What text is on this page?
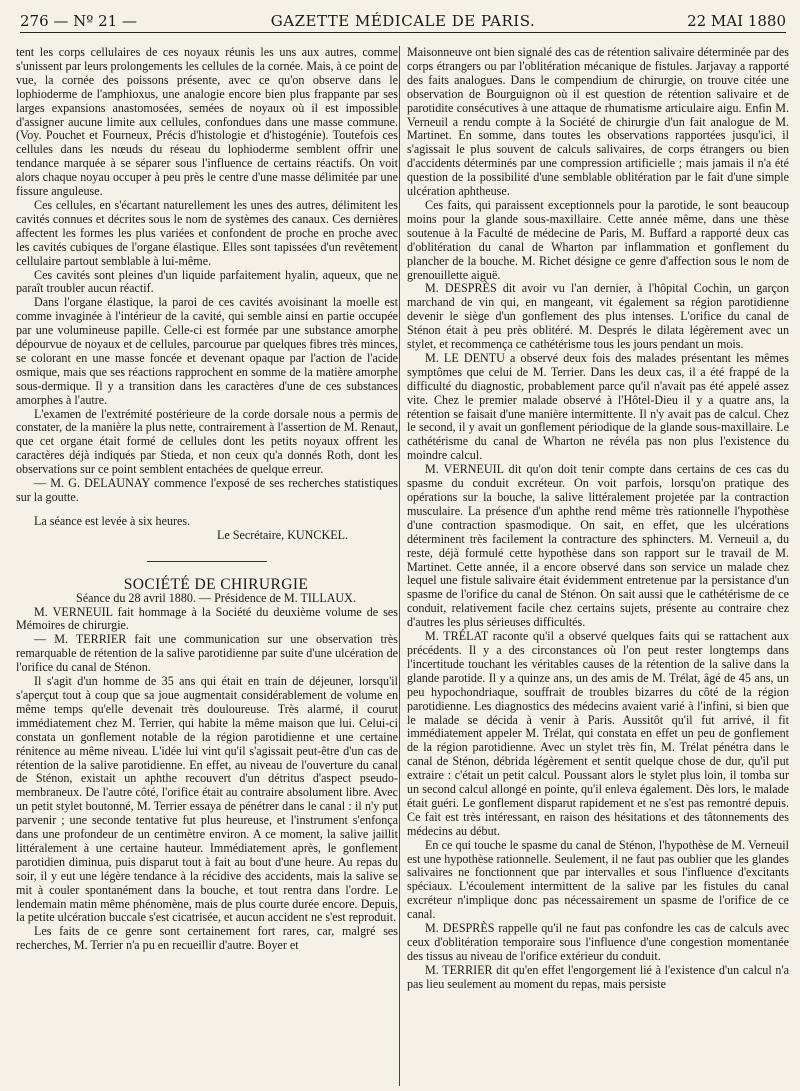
276 — Nº 21 —	GAZETTE MÉDICALE DE PARIS.	22 MAI 1880

tent les corps cellulaires de ces noyaux réunis les uns aux autres, comme s'unissent par leurs prolongements les cellules de la cornée. Mais, à ce point de vue, la cornée des poissons présente, avec ce qu'on observe dans le lophioderme de l'amphioxus, une analogie encore bien plus frappante par ses larges expansions anastomosées, semées de noyaux où il est impossible d'assigner aucune limite aux cellules, confondues dans une masse commune. (Voy. Pouchet et Fourneux, Précis d'histologie et d'histogénie). Toutefois ces cellules dans les nœuds du réseau du lophioderme semblent offrir une tendance marquée à se séparer sous l'influence de certains réactifs. On voit alors chaque noyau occuper à peu près le centre d'une masse délimitée par une fissure anguleuse.

Ces cellules, en s'écartant naturellement les unes des autres, délimitent les cavités connues et décrites sous le nom de systèmes des canaux. Ces dernières affectent les formes les plus variées et confondent de proche en proche avec les cavités cubiques de l'organe élastique. Elles sont tapissées d'un revêtement cellulaire partout semblable à lui-même.

Ces cavités sont pleines d'un liquide parfaitement hyalin, aqueux, que ne paraît troubler aucun réactif.

Dans l'organe élastique, la paroi de ces cavités avoisinant la moelle est comme invaginée à l'intérieur de la cavité, qui semble ainsi en partie occupée par une volumineuse papille. Celle-ci est formée par une substance amorphe dépourvue de noyaux et de cellules, parcourue par quelques fibres très minces, se colorant en une masse foncée et devenant opaque par l'action de l'acide osmique, mais que ses réactions rapprochent en somme de la matière amorphe sous-dermique. Il y a transition dans les caractères d'une de ces substances amorphes à l'autre.

L'examen de l'extrémité postérieure de la corde dorsale nous a permis de constater, de la manière la plus nette, contrairement à l'assertion de M. Renaut, que cet organe était formé de cellules dont les petits noyaux offrent les caractères déjà indiqués par Stieda, et non ceux qu'a donnés Roth, dont les observations sur ce point semblent entachées de quelque erreur.

— M. G. DELAUNAY commence l'exposé de ses recherches statistiques sur la goutte.

La séance est levée à six heures.

Le Secrétaire, KUNCKEL.

SOCIÉTÉ DE CHIRURGIE

Séance du 28 avril 1880. — Présidence de M. TILLAUX.

M. VERNEUIL fait hommage à la Société du deuxième volume de ses Mémoires de chirurgie.

— M. TERRIER fait une communication sur une observation très remarquable de rétention de la salive parotidienne par suite d'une ulcération de l'orifice du canal de Sténon.

Il s'agit d'un homme de 35 ans qui était en train de déjeuner, lorsqu'il s'aperçut tout à coup que sa joue augmentait considérablement de volume en même temps qu'elle devenait très douloureuse. Très alarmé, il courut immédiatement chez M. Terrier, qui habite la même maison que lui. Celui-ci constata un gonflement notable de la région parotidienne et une certaine rénitence au même niveau. L'idée lui vint qu'il s'agissait peut-être d'un cas de rétention de la salive parotidienne. En effet, au niveau de l'ouverture du canal de Sténon, existait un aphthe recouvert d'un détritus d'aspect pseudo-membraneux. De l'autre côté, l'orifice était au contraire absolument libre. Avec un petit stylet boutonné, M. Terrier essaya de pénétrer dans le canal : il n'y put parvenir ; une seconde tentative fut plus heureuse, et l'instrument s'enfonça dans une profondeur de un centimètre environ. A ce moment, la salive jaillit littéralement à une certaine hauteur. Immédiatement après, le gonflement parotidien diminua, puis disparut tout à fait au bout d'une heure. Au repas du soir, il y eut une légère tendance à la récidive des accidents, mais la salive se mit à couler spontanément dans la bouche, et tout rentra dans l'ordre. Le lendemain matin même phénomène, mais de plus courte durée encore. Depuis, la petite ulcération buccale s'est cicatrisée, et aucun accident ne s'est reproduit.

Les faits de ce genre sont certainement fort rares, car, malgré ses recherches, M. Terrier n'a pu en recueillir d'autre. Boyer et

Maisonneuve ont bien signalé des cas de rétention salivaire déterminée par des corps étrangers ou par l'oblitération mécanique de fistules. Jarjavay a rapporté des faits analogues. Dans le compendium de chirurgie, on trouve citée une observation de Bourguignon où il est question de rétention salivaire et de parotidite consécutives à une attaque de rhumatisme articulaire aigu. Enfin M. Verneuil a rendu compte à la Société de chirurgie d'un fait analogue de M. Martinet. En somme, dans toutes les observations rapportées jusqu'ici, il s'agissait le plus souvent de calculs salivaires, de corps étrangers ou bien d'accidents déterminés par une compression artificielle ; mais jamais il n'a été question de la possibilité d'une semblable oblitération par le fait d'une simple ulcération aphtheuse.

Ces faits, qui paraissent exceptionnels pour la parotide, le sont beaucoup moins pour la glande sous-maxillaire. Cette année même, dans une thèse soutenue à la Faculté de médecine de Paris, M. Buffard a rapporté deux cas d'oblitération du canal de Wharton par inflammation et gonflement du plancher de la bouche. M. Richet désigne ce genre d'affection sous le nom de grenouillette aiguë.

M. DESPRÈS dit avoir vu l'an dernier, à l'hôpital Cochin, un garçon marchand de vin qui, en mangeant, vit également sa région parotidienne devenir le siège d'un gonflement des plus intenses. L'orifice du canal de Sténon était à peu près oblitéré. M. Després le dilata légèrement avec un stylet, et recommença ce cathétérisme tous les jours pendant un mois.

M. LE DENTU a observé deux fois des malades présentant les mêmes symptômes que celui de M. Terrier. Dans les deux cas, il a été frappé de la difficulté du diagnostic, probablement parce qu'il n'avait pas été appelé assez vite. Chez le premier malade observé à l'Hôtel-Dieu il y a quatre ans, la rétention se faisait d'une manière intermittente. Il n'y avait pas de calcul. Chez le second, il y avait un gonflement périodique de la glande sous-maxillaire. Le cathétérisme du canal de Wharton ne révéla pas non plus l'existence du moindre calcul.

M. VERNEUIL dit qu'on doit tenir compte dans certains de ces cas du spasme du conduit excréteur. On voit parfois, lorsqu'on pratique des opérations sur la bouche, la salive littéralement projetée par la contraction musculaire. La présence d'un aphthe rend même très rationnelle l'hypothèse d'une contraction spasmodique. On sait, en effet, que les ulcérations déterminent très facilement la contracture des sphincters. M. Verneuil a, du reste, déjà formulé cette hypothèse dans son rapport sur le travail de M. Martinet. Cette année, il a encore observé dans son service un malade chez lequel une fistule salivaire était évidemment entretenue par la persistance d'un spasme de l'orifice du canal de Sténon. On sait aussi que le cathétérisme de ce conduit, relativement facile chez certains sujets, présente au contraire chez d'autres les plus sérieuses difficultés.

M. TRÉLAT raconte qu'il a observé quelques faits qui se rattachent aux précédents. Il y a des circonstances où l'on peut rester longtemps dans l'incertitude touchant les véritables causes de la rétention de la salive dans la glande parotide. Il y a quinze ans, un des amis de M. Trélat, âgé de 45 ans, un peu hypochondriaque, souffrait de troubles bizarres du côté de la région parotidienne. Les diagnostics des médecins avaient varié à l'infini, si bien que le malade se décida à venir à Paris. Aussitôt qu'il fut arrivé, il fit immédiatement appeler M. Trélat, qui constata en effet un peu de gonflement de la région parotidienne. Avec un stylet très fin, M. Trélat pénétra dans le canal de Sténon, débrida légèrement et sentit quelque chose de dur, qu'il put extraire : c'était un petit calcul. Poussant alors le stylet plus loin, il tomba sur un second calcul allongé en pointe, qu'il enleva également. Dès lors, le malade était guéri. Le gonflement disparut rapidement et ne s'est pas remontré depuis. Ce fait est très intéressant, en raison des hésitations et des tâtonnements des médecins au début.

En ce qui touche le spasme du canal de Sténon, l'hypothèse de M. Verneuil est une hypothèse rationnelle. Seulement, il ne faut pas oublier que les glandes salivaires ne fonctionnent que par intervalles et sous l'influence d'excitants spéciaux. L'écoulement intermittent de la salive par les fistules du canal excréteur n'implique donc pas nécessairement un spasme de l'orifice de ce canal.

M. DESPRÈS rappelle qu'il ne faut pas confondre les cas de calculs avec ceux d'oblitération temporaire sous l'influence d'une congestion momentanée des tissus au niveau de l'orifice extérieur du conduit.

M. TERRIER dit qu'en effet l'engorgement lié à l'existence d'un calcul n'a pas lieu seulement au moment du repas, mais persiste
